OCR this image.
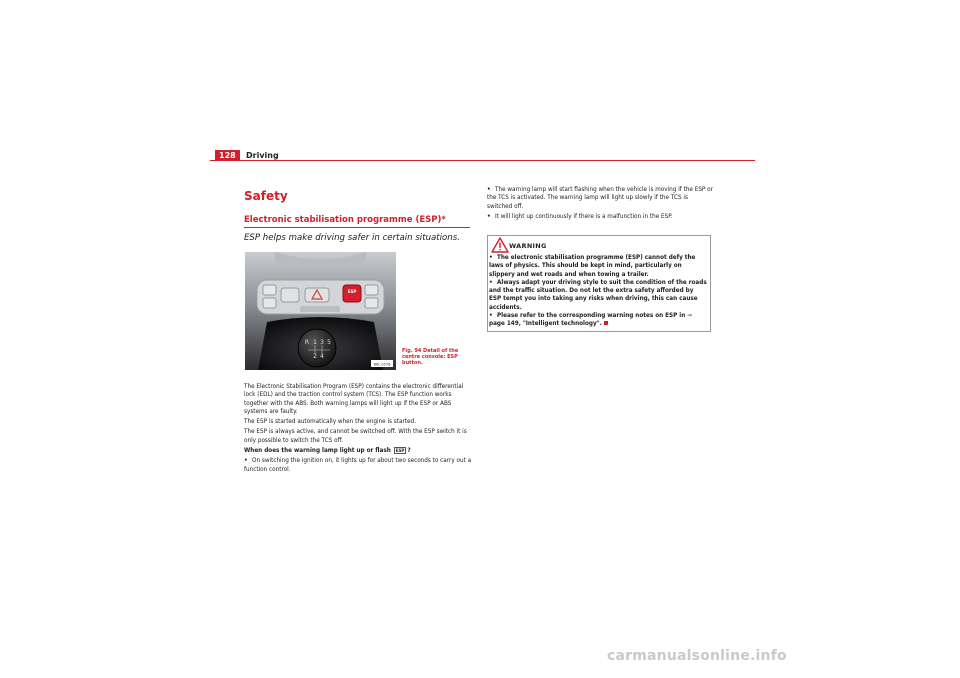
128	Driving
Safety
Electronic stabilisation programme (ESP)*
ESP helps make driving safer in certain situations.
ESP
R 1 3 5
2 4
B6L-0578
Fig. 94 Detail of the centre console: ESP button.

The Electronic Stabilisation Program (ESP) contains the electronic differential lock (EDL) and the traction control system (TCS). The ESP function works together with the ABS. Both warning lamps will light up if the ESP or ABS systems are faulty.

The ESP is started automatically when the engine is started.

The ESP is always active, and cannot be switched off. With the ESP switch it is only possible to switch the TCS off.

When does the warning lamp light up or flash ESP ?

• On switching the ignition on, it lights up for about two seconds to carry out a function control.

• The warning lamp will start flashing when the vehicle is moving if the ESP or the TCS is activated. The warning lamp will light up slowly if the TCS is switched off.

• It will light up continuously if there is a malfunction in the ESP.

WARNING

• The electronic stabilisation programme (ESP) cannot defy the laws of physics. This should be kept in mind, particularly on slippery and wet roads and when towing a trailer.

• Always adapt your driving style to suit the condition of the roads and the traffic situation. Do not let the extra safety afforded by ESP tempt you into taking any risks when driving, this can cause accidents.

• Please refer to the corresponding warning notes on ESP in ⇒ page 149, "Intelligent technology".

carmanualsonline.info
